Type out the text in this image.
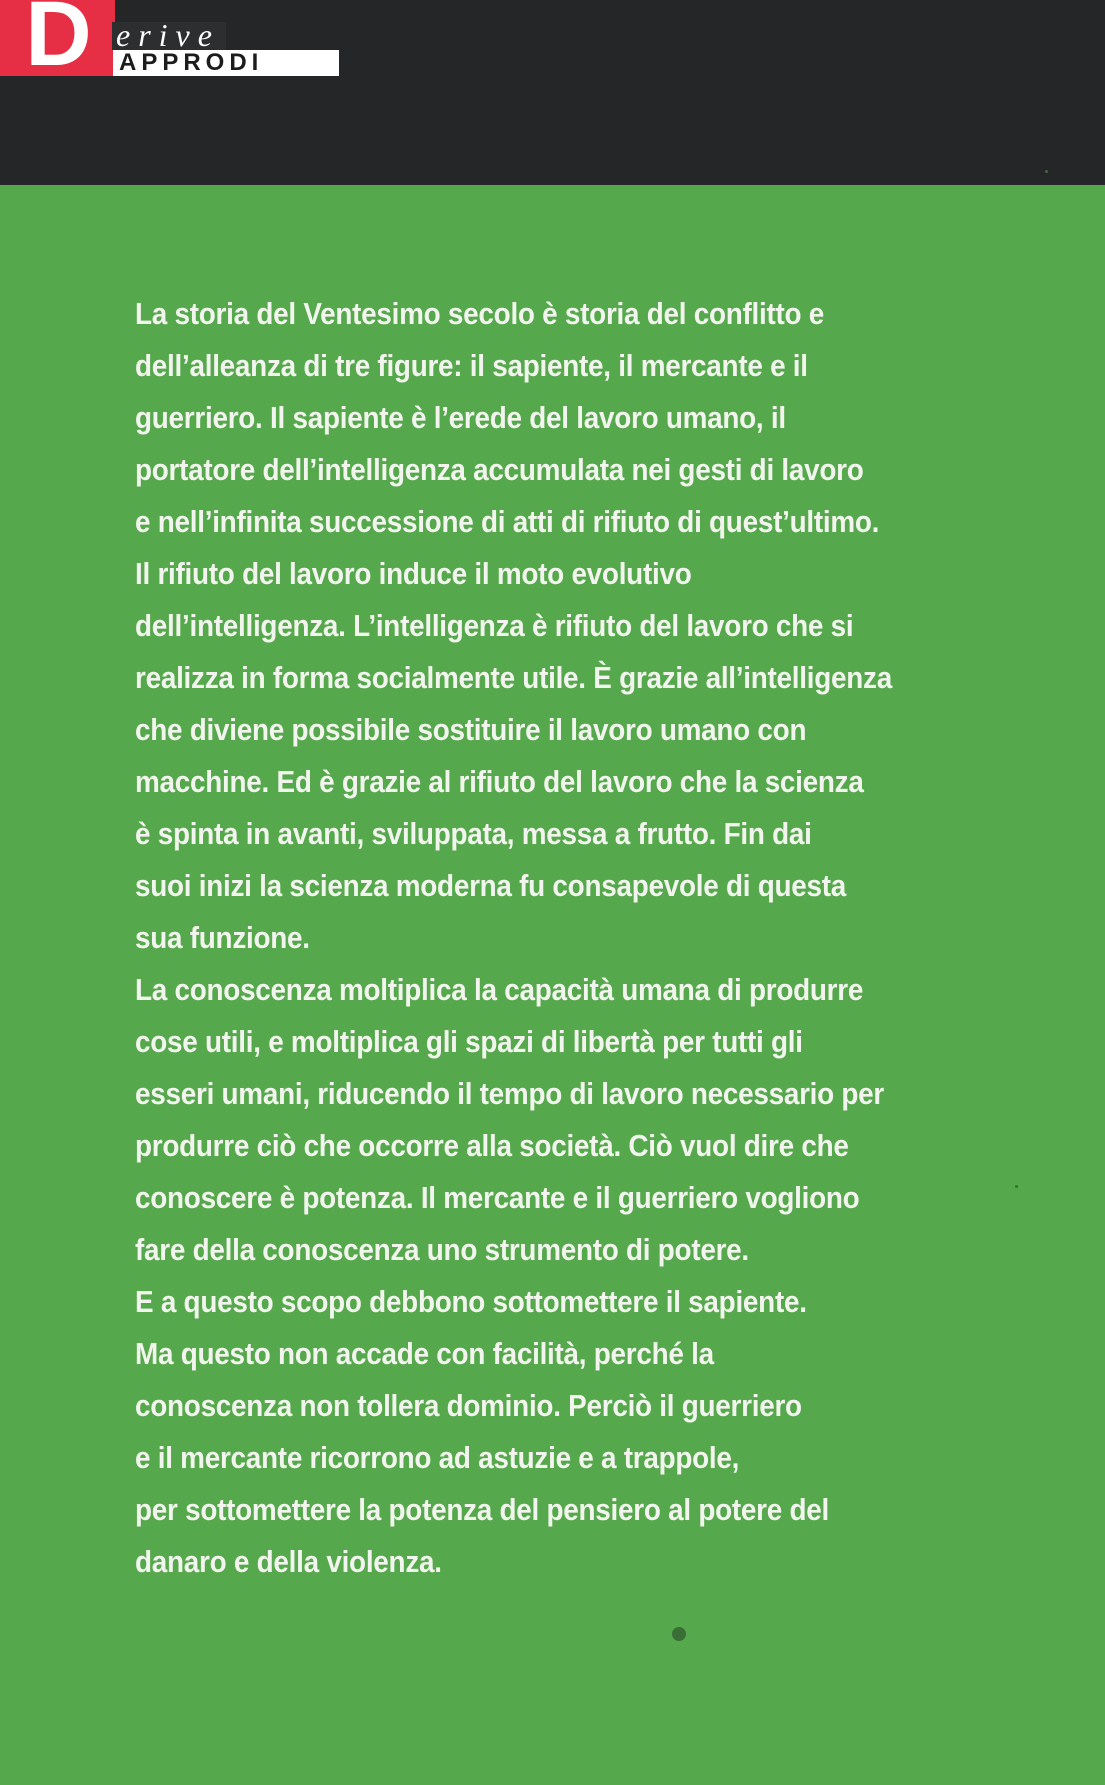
D erive
APPRODI
La storia del Ventesimo secolo è storia del conflitto e
dell’alleanza di tre figure: il sapiente, il mercante e il
guerriero. Il sapiente è l’erede del lavoro umano, il
portatore dell’intelligenza accumulata nei gesti di lavoro
e nell’infinita successione di atti di rifiuto di quest’ultimo.
Il rifiuto del lavoro induce il moto evolutivo
dell’intelligenza. L’intelligenza è rifiuto del lavoro che si
realizza in forma socialmente utile. È grazie all’intelligenza
che diviene possibile sostituire il lavoro umano con
macchine. Ed è grazie al rifiuto del lavoro che la scienza
è spinta in avanti, sviluppata, messa a frutto. Fin dai
suoi inizi la scienza moderna fu consapevole di questa
sua funzione.
La conoscenza moltiplica la capacità umana di produrre
cose utili, e moltiplica gli spazi di libertà per tutti gli
esseri umani, riducendo il tempo di lavoro necessario per
produrre ciò che occorre alla società. Ciò vuol dire che
conoscere è potenza. Il mercante e il guerriero vogliono
fare della conoscenza uno strumento di potere.
E a questo scopo debbono sottomettere il sapiente.
Ma questo non accade con facilità, perché la
conoscenza non tollera dominio. Perciò il guerriero
e il mercante ricorrono ad astuzie e a trappole,
per sottomettere la potenza del pensiero al potere del
danaro e della violenza.
